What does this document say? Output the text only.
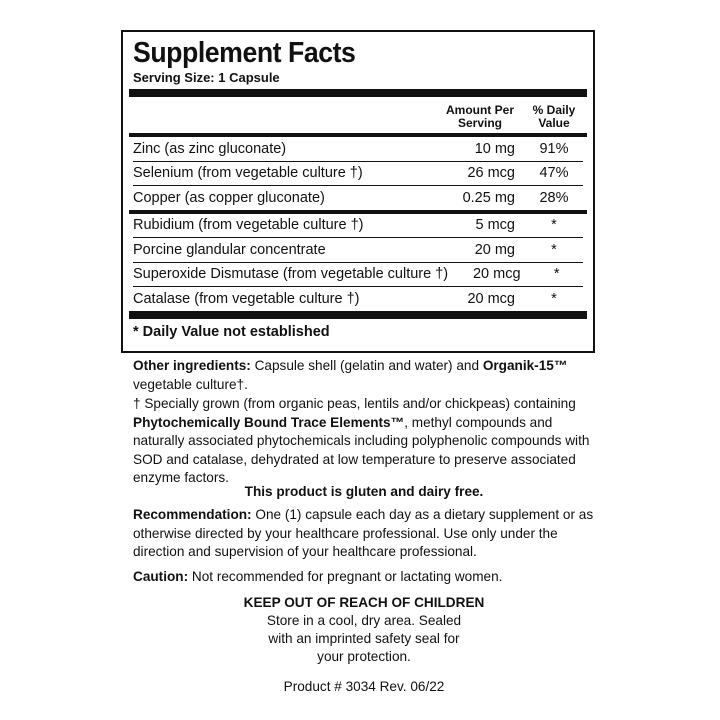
Supplement Facts
Serving Size: 1 Capsule
Amount Per
Serving
% Daily
Value
Zinc (as zinc gluconate)	10 mg	91%
Selenium (from vegetable culture †)	26 mcg	47%
Copper (as copper gluconate)	0.25 mg	28%
Rubidium (from vegetable culture †)	5 mcg	*
Porcine glandular concentrate	20 mg	*
Superoxide Dismutase (from vegetable culture †)	20 mcg	*
Catalase (from vegetable culture †)	20 mcg	*
* Daily Value not established
Other ingredients: Capsule shell (gelatin and water) and Organik-15™ vegetable culture†.
† Specially grown (from organic peas, lentils and/or chickpeas) containing Phytochemically Bound Trace Elements™, methyl compounds and naturally associated phytochemicals including polyphenolic compounds with SOD and catalase, dehydrated at low temperature to preserve associated enzyme factors.
This product is gluten and dairy free.
Recommendation: One (1) capsule each day as a dietary supplement or as otherwise directed by your healthcare professional. Use only under the direction and supervision of your healthcare professional.
Caution: Not recommended for pregnant or lactating women.
KEEP OUT OF REACH OF CHILDREN
Store in a cool, dry area. Sealed
with an imprinted safety seal for
your protection.
Product # 3034 Rev. 06/22
